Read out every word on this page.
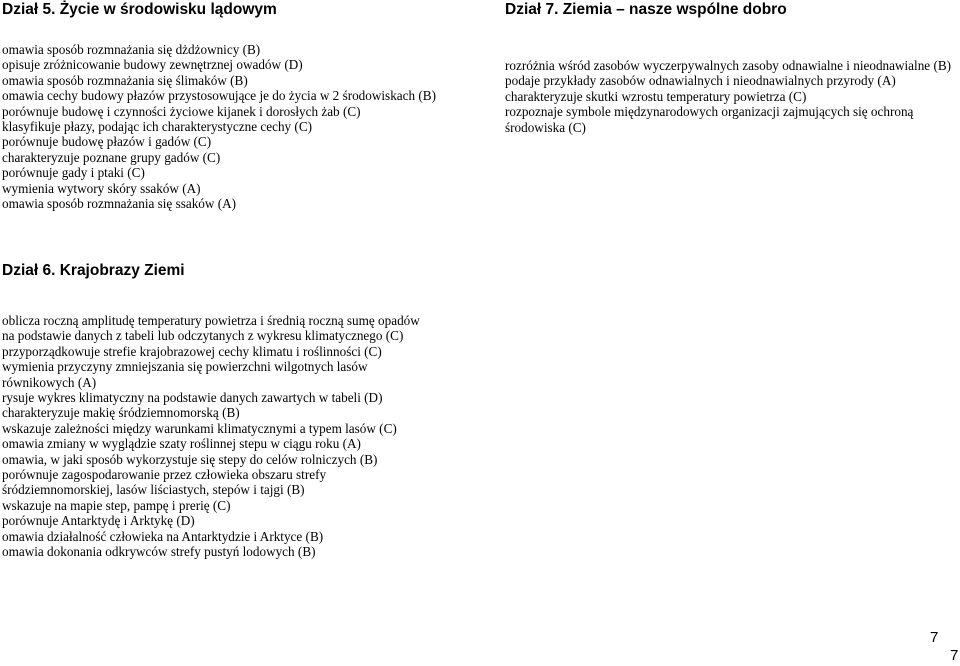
Dział 5. Życie w środowisku lądowym	Dział 7. Ziemia – nasze wspólne dobro
omawia sposób rozmnażania się dżdżownicy (B)
opisuje zróżnicowanie budowy zewnętrznej owadów (D)
omawia sposób rozmnażania się ślimaków (B)
omawia cechy budowy płazów przystosowujące je do życia w 2 środowiskach (B)
porównuje budowę i czynności życiowe kijanek i dorosłych żab (C)
klasyfikuje płazy, podając ich charakterystyczne cechy (C)
porównuje budowę płazów i gadów (C)
charakteryzuje poznane grupy gadów (C)
porównuje gady i ptaki (C)
wymienia wytwory skóry ssaków (A)
omawia sposób rozmnażania się ssaków (A)
rozróżnia wśród zasobów wyczerpywalnych zasoby odnawialne i nieodnawialne (B)
podaje przykłady zasobów odnawialnych i nieodnawialnych przyrody (A)
charakteryzuje skutki wzrostu temperatury powietrza (C)
rozpoznaje symbole międzynarodowych organizacji zajmujących się ochroną środowiska (C)
Dział 6. Krajobrazy Ziemi
oblicza roczną amplitudę temperatury powietrza i średnią roczną sumę opadów
na podstawie danych z tabeli lub odczytanych z wykresu klimatycznego (C)
przyporządkowuje strefie krajobrazowej cechy klimatu i roślinności (C)
wymienia przyczyny zmniejszania się powierzchni wilgotnych lasów
równikowych (A)
rysuje wykres klimatyczny na podstawie danych zawartych w tabeli (D)
charakteryzuje makię śródziemnomorską (B)
wskazuje zależności między warunkami klimatycznymi a typem lasów (C)
omawia zmiany w wyglądzie szaty roślinnej stepu w ciągu roku (A)
omawia, w jaki sposób wykorzystuje się stepy do celów rolniczych (B)
porównuje zagospodarowanie przez człowieka obszaru strefy
śródziemnomorskiej, lasów liściastych, stepów i tajgi (B)
wskazuje na mapie step, pampę i prerię (C)
porównuje Antarktydę i Arktykę (D)
omawia działalność człowieka na Antarktydzie i Arktyce (B)
omawia dokonania odkrywców strefy pustyń lodowych (B)
7
7
